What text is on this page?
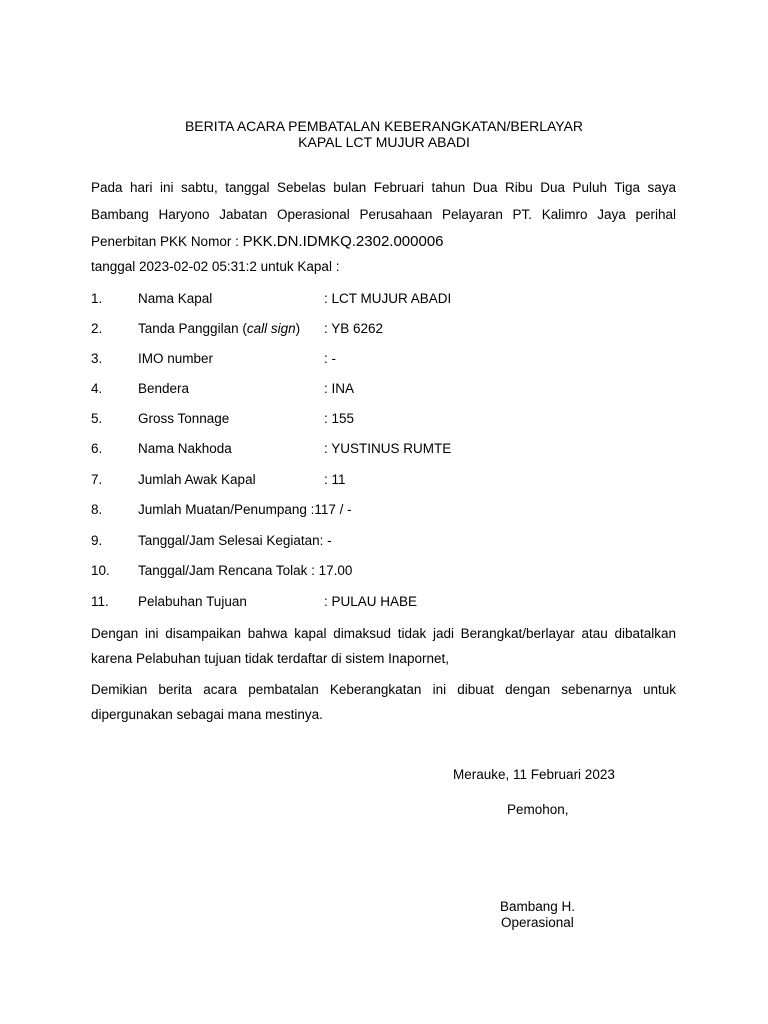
BERITA ACARA PEMBATALAN KEBERANGKATAN/BERLAYAR
KAPAL LCT MUJUR ABADI
Pada hari ini sabtu, tanggal Sebelas bulan Februari tahun Dua Ribu Dua Puluh Tiga saya
Bambang Haryono Jabatan Operasional Perusahaan Pelayaran PT. Kalimro Jaya perihal
Penerbitan PKK Nomor : PKK.DN.IDMKQ.2302.000006
tanggal 2023-02-02 05:31:2 untuk Kapal :
1.	Nama Kapal	: LCT MUJUR ABADI
2.	Tanda Panggilan (call sign) : YB 6262
3.	IMO number	: -
4.	Bendera	: INA
5.	Gross Tonnage	: 155
6.	Nama Nakhoda	: YUSTINUS RUMTE
7.	Jumlah Awak Kapal	: 11
8.	Jumlah Muatan/Penumpang :117 / -
9.	Tanggal/Jam Selesai Kegiatan: -
10. Tanggal/Jam Rencana Tolak : 17.00
11. Pelabuhan Tujuan	: PULAU HABE
Dengan ini disampaikan bahwa kapal dimaksud tidak jadi Berangkat/berlayar atau dibatalkan
karena Pelabuhan tujuan tidak terdaftar di sistem Inapornet,
Demikian berita acara pembatalan Keberangkatan ini dibuat dengan sebenarnya untuk
dipergunakan sebagai mana mestinya.
Merauke, 11 Februari 2023
Pemohon,
Bambang H.
Operasional
